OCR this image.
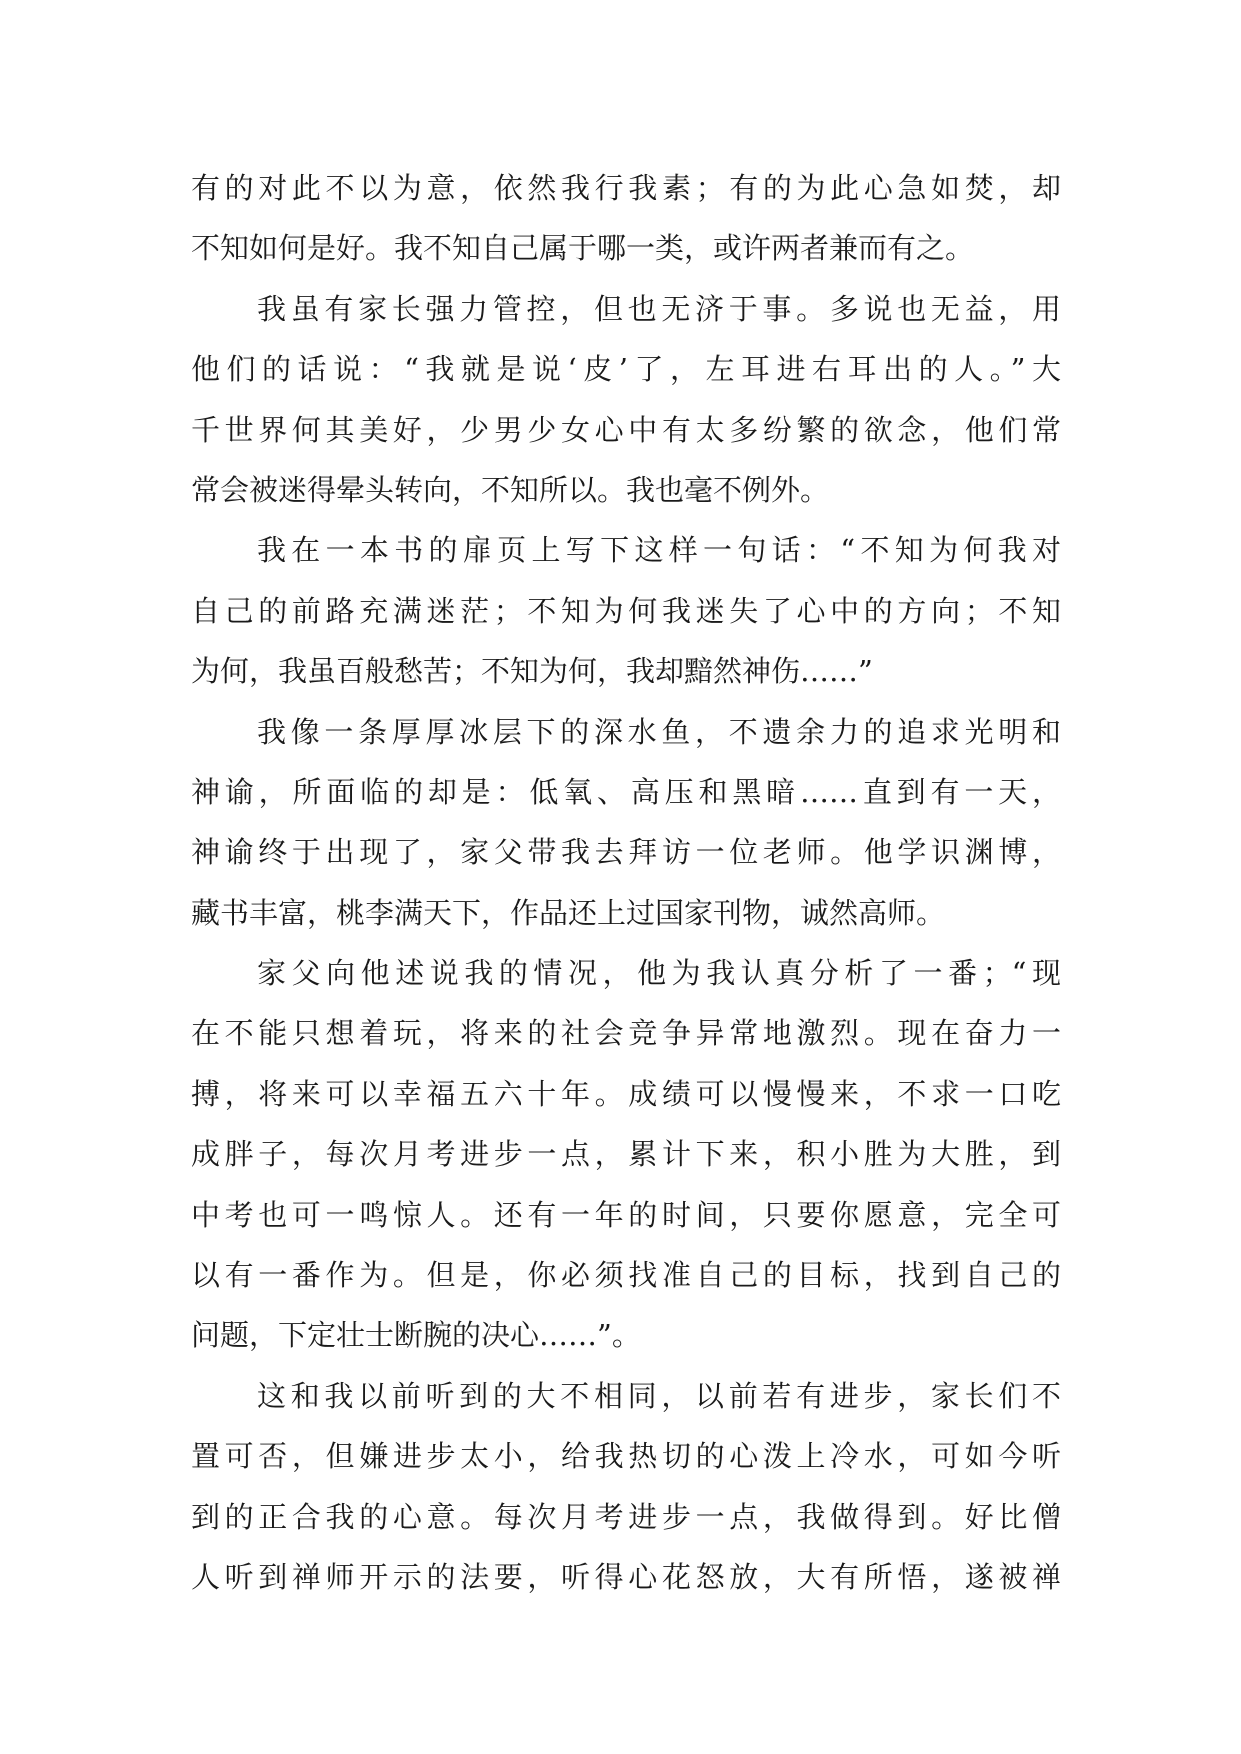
有的对此不以为意，依然我行我素；有的为此心急如焚，却
不知如何是好。我不知自己属于哪一类，或许两者兼而有之。
我虽有家长强力管控，但也无济于事。多说也无益，用
他们的话说：“我就是说‘皮’了，左耳进右耳出的人。”大
千世界何其美好，少男少女心中有太多纷繁的欲念，他们常
常会被迷得晕头转向，不知所以。我也毫不例外。
我在一本书的扉页上写下这样一句话：“不知为何我对
自己的前路充满迷茫；不知为何我迷失了心中的方向；不知
为何，我虽百般愁苦；不知为何，我却黯然神伤……”
我像一条厚厚冰层下的深水鱼，不遗余力的追求光明和
神谕，所面临的却是：低氧、高压和黑暗……直到有一天，
神谕终于出现了，家父带我去拜访一位老师。他学识渊博，
藏书丰富，桃李满天下，作品还上过国家刊物，诚然高师。
家父向他述说我的情况，他为我认真分析了一番；“现
在不能只想着玩，将来的社会竞争异常地激烈。现在奋力一
搏，将来可以幸福五六十年。成绩可以慢慢来，不求一口吃
成胖子，每次月考进步一点，累计下来，积小胜为大胜，到
中考也可一鸣惊人。还有一年的时间，只要你愿意，完全可
以有一番作为。但是，你必须找准自己的目标，找到自己的
问题，下定壮士断腕的决心……”。
这和我以前听到的大不相同，以前若有进步，家长们不
置可否，但嫌进步太小，给我热切的心泼上冷水，可如今听
到的正合我的心意。每次月考进步一点，我做得到。好比僧
人听到禅师开示的法要，听得心花怒放，大有所悟，遂被禅
